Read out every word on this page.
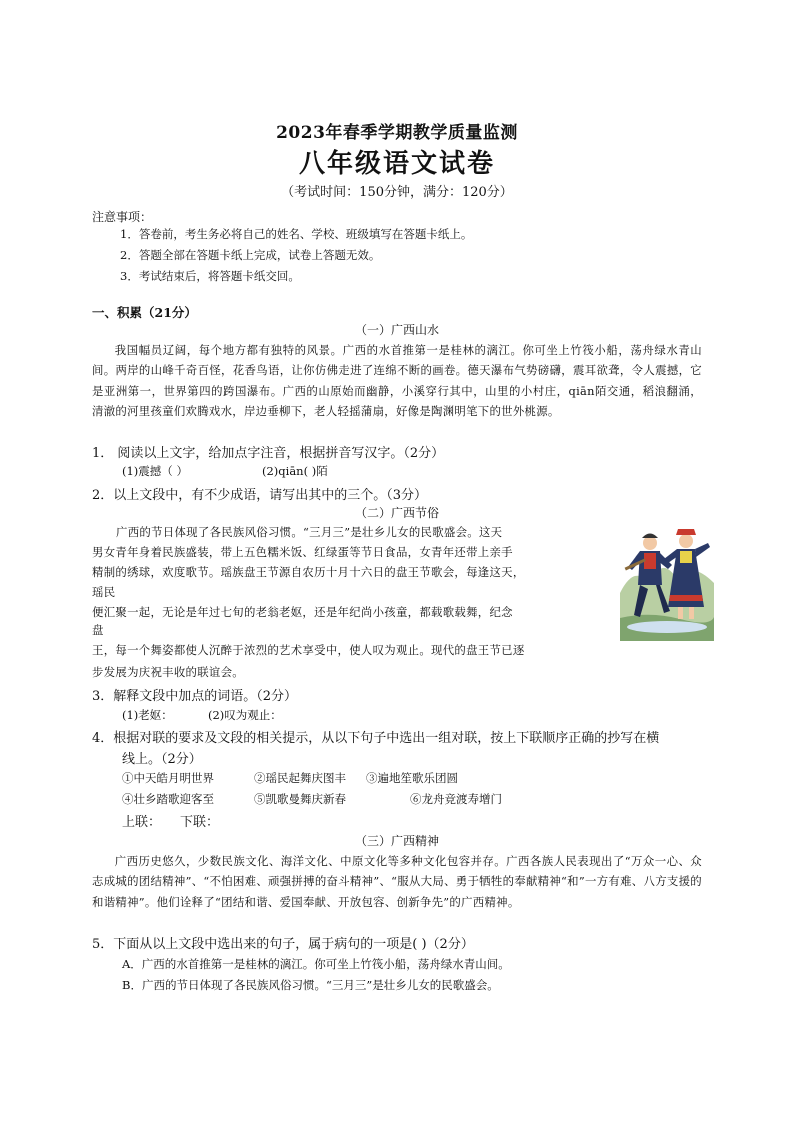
2023年春季学期教学质量监测
八年级语文试卷
（考试时间：150分钟，满分：120分）
注意事项：
1．答卷前，考生务必将自己的姓名、学校、班级填写在答题卡纸上。
2．答题全部在答题卡纸上完成，试卷上答题无效。
3．考试结束后，将答题卡纸交回。
一、积累（21分）
（一）广西山水
我国幅员辽阔，每个地方都有独特的风景。广西的水首推第一是桂林的漓江。你可坐上竹筏小船，荡舟绿水青山间。两岸的山峰千奇百怪，花香鸟语，让你仿佛走进了连绵不断的画卷。德天瀑布气势磅礴，震耳欲聋，令人震撼，它是亚洲第一，世界第四的跨国瀑布。广西的山原始而幽静，小溪穿行其中，山里的小村庄，qiān陌交通，稻浪翻涌，清澈的河里孩童们欢腾戏水，岸边垂柳下，老人轻摇蒲扇，好像是陶渊明笔下的世外桃源。
1． 阅读以上文字，给加点字注音，根据拼音写汉字。（2分）
(1)震撼（ ）	(2)qiān( )陌
2．以上文段中，有不少成语，请写出其中的三个。（3分）
（二）广西节俗
广西的节日体现了各民族风俗习惯。“三月三”是壮乡儿女的民歌盛会。这天
男女青年身着民族盛装，带上五色糯米饭、红绿蛋等节日食品，女青年还带上亲手
精制的绣球，欢度歌节。瑶族盘王节源自农历十月十六日的盘王节歌会，每逢这天，
瑶民
便汇聚一起，无论是年过七旬的老翁老妪，还是年纪尚小孩童，都载歌载舞，纪念
盘
王，每一个舞姿都使人沉醉于浓烈的艺术享受中，使人叹为观止。现代的盘王节已逐
步发展为庆祝丰收的联谊会。
3．解释文段中加点的词语。（2分）
(1)老妪：	(2)叹为观止：
4．根据对联的要求及文段的相关提示，从以下句子中选出一组对联，按上下联顺序正确的抄写在横
线上。（2分）
①中天皓月明世界	②瑶民起舞庆图丰 ③遍地笙歌乐团圆
④壮乡踏歌迎客至	⑤凯歌曼舞庆新春	⑥龙舟竞渡寿增门
上联： 下联：
（三）广西精神
广西历史悠久，少数民族文化、海洋文化、中原文化等多种文化包容并存。广西各族人民表现出了“万众一心、众志成城的团结精神”、“不怕困难、顽强拼搏的奋斗精神”、“服从大局、勇于牺牲的奉献精神“和”一方有难、八方支援的和谐精神”。他们诠释了“团结和谐、爱国奉献、开放包容、创新争先”的广西精神。
5．下面从以上文段中选出来的句子，属于病句的一项是( )（2分）
A．广西的水首推第一是桂林的漓江。你可坐上竹筏小船，荡舟绿水青山间。
B．广西的节日体现了各民族风俗习惯。“三月三”是壮乡儿女的民歌盛会。
